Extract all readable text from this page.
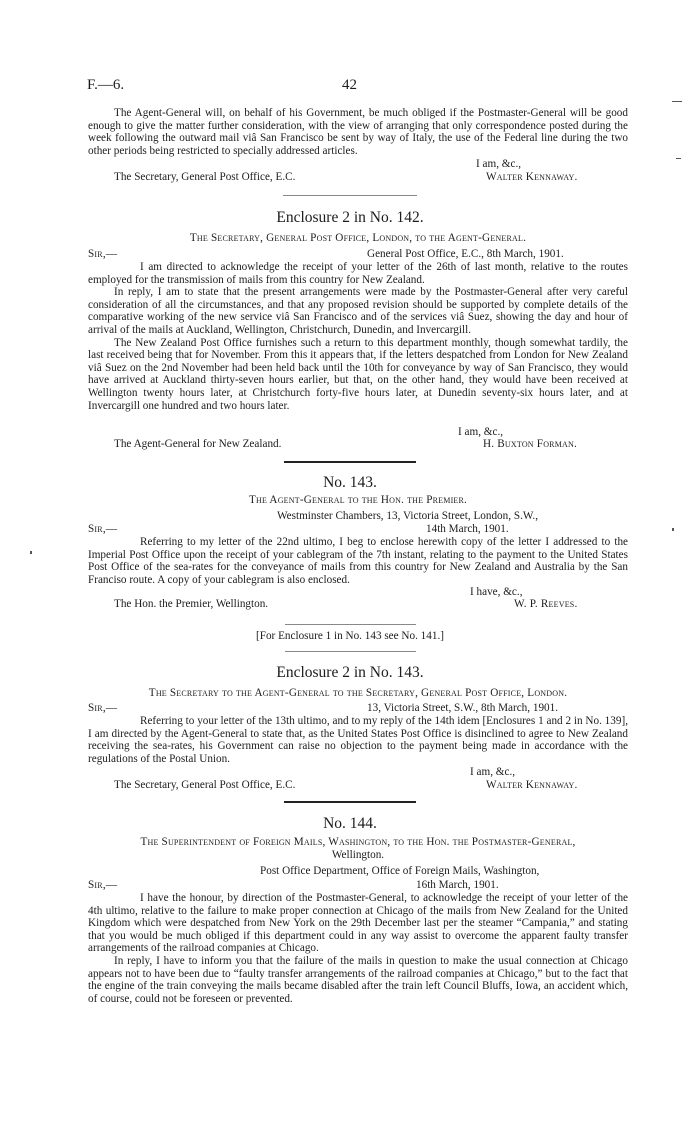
F.—6.	42

The Agent-General will, on behalf of his Government, be much obliged if the Postmaster-General will be good enough to give the matter further consideration, with the view of arranging that only correspondence posted during the week following the outward mail viâ San Francisco be sent by way of Italy, the use of the Federal line during the two other periods being restricted to specially addressed articles.

I am, &c.,
The Secretary, General Post Office, E.C.	Walter Kennaway.
Enclosure 2 in No. 142.
The Secretary, General Post Office, London, to the Agent-General.
Sir,—	General Post Office, E.C., 8th March, 1901.

I am directed to acknowledge the receipt of your letter of the 26th of last month, relative to the routes employed for the transmission of mails from this country for New Zealand.

In reply, I am to state that the present arrangements were made by the Postmaster-General after very careful consideration of all the circumstances, and that any proposed revision should be supported by complete details of the comparative working of the new service viâ San Francisco and of the services viâ Suez, showing the day and hour of arrival of the mails at Auckland, Wellington, Christchurch, Dunedin, and Invercargill.

The New Zealand Post Office furnishes such a return to this department monthly, though somewhat tardily, the last received being that for November. From this it appears that, if the letters despatched from London for New Zealand viâ Suez on the 2nd November had been held back until the 10th for conveyance by way of San Francisco, they would have arrived at Auckland thirty-seven hours earlier, but that, on the other hand, they would have been received at Wellington twenty hours later, at Christchurch forty-five hours later, at Dunedin seventy-six hours later, and at Invercargill one hundred and two hours later.

I am, &c.,
The Agent-General for New Zealand.	H. Buxton Forman.
No. 143.
The Agent-General to the Hon. the Premier.
Westminster Chambers, 13, Victoria Street, London, S.W.,
Sir,—	14th March, 1901.

Referring to my letter of the 22nd ultimo, I beg to enclose herewith copy of the letter I addressed to the Imperial Post Office upon the receipt of your cablegram of the 7th instant, relating to the payment to the United States Post Office of the sea-rates for the conveyance of mails from this country for New Zealand and Australia by the San Franciso route. A copy of your cablegram is also enclosed.

I have, &c.,
The Hon. the Premier, Wellington.	W. P. Reeves.
[For Enclosure 1 in No. 143 see No. 141.]
Enclosure 2 in No. 143.
The Secretary to the Agent-General to the Secretary, General Post Office, London.
Sir,—	13, Victoria Street, S.W., 8th March, 1901.

Referring to your letter of the 13th ultimo, and to my reply of the 14th idem [Enclosures 1 and 2 in No. 139], I am directed by the Agent-General to state that, as the United States Post Office is disinclined to agree to New Zealand receiving the sea-rates, his Government can raise no objection to the payment being made in accordance with the regulations of the Postal Union.

I am, &c.,
The Secretary, General Post Office, E.C.	Walter Kennaway.
No. 144.
The Superintendent of Foreign Mails, Washington, to the Hon. the Postmaster-General,
Wellington.
Post Office Department, Office of Foreign Mails, Washington,
Sir,—	16th March, 1901.

I have the honour, by direction of the Postmaster-General, to acknowledge the receipt of your letter of the 4th ultimo, relative to the failure to make proper connection at Chicago of the mails from New Zealand for the United Kingdom which were despatched from New York on the 29th December last per the steamer “Campania,” and stating that you would be much obliged if this department could in any way assist to overcome the apparent faulty transfer arrangements of the railroad companies at Chicago.

In reply, I have to inform you that the failure of the mails in question to make the usual connection at Chicago appears not to have been due to “faulty transfer arrangements of the railroad companies at Chicago,” but to the fact that the engine of the train conveying the mails became disabled after the train left Council Bluffs, Iowa, an accident which, of course, could not be foreseen or prevented.
